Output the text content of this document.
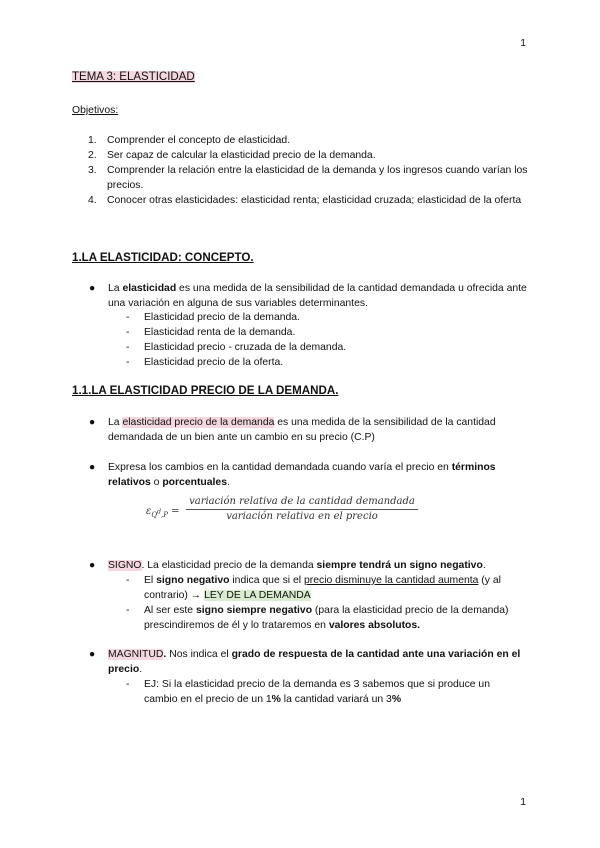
1
TEMA 3: ELASTICIDAD
Objetivos:
1. Comprender el concepto de elasticidad.
2. Ser capaz de calcular la elasticidad precio de la demanda.
3. Comprender la relación entre la elasticidad de la demanda y los ingresos cuando varían los precios.
4. Conocer otras elasticidades: elasticidad renta; elasticidad cruzada; elasticidad de la oferta
1.LA ELASTICIDAD: CONCEPTO.
● La elasticidad es una medida de la sensibilidad de la cantidad demandada u ofrecida ante una variación en alguna de sus variables determinantes.
- Elasticidad precio de la demanda.
- Elasticidad renta de la demanda.
- Elasticidad precio - cruzada de la demanda.
- Elasticidad precio de la oferta.
1.1.LA ELASTICIDAD PRECIO DE LA DEMANDA.
● La elasticidad precio de la demanda es una medida de la sensibilidad de la cantidad demandada de un bien ante un cambio en su precio (C.P)
● Expresa los cambios en la cantidad demandada cuando varía el precio en términos relativos o porcentuales.
$\varepsilon_{Q^d,P}$ =
variación relativa de la cantidad demandada
variación relativa en el precio
● SIGNO. La elasticidad precio de la demanda siempre tendrá un signo negativo.
- El signo negativo indica que si el precio disminuye la cantidad aumenta (y al contrario) → LEY DE LA DEMANDA
- Al ser este signo siempre negativo (para la elasticidad precio de la demanda) prescindiremos de él y lo trataremos en valores absolutos.
● MAGNITUD. Nos indica el grado de respuesta de la cantidad ante una variación en el precio.
- EJ: Si la elasticidad precio de la demanda es 3 sabemos que si produce un cambio en el precio de un 1% la cantidad variará un 3%
1
